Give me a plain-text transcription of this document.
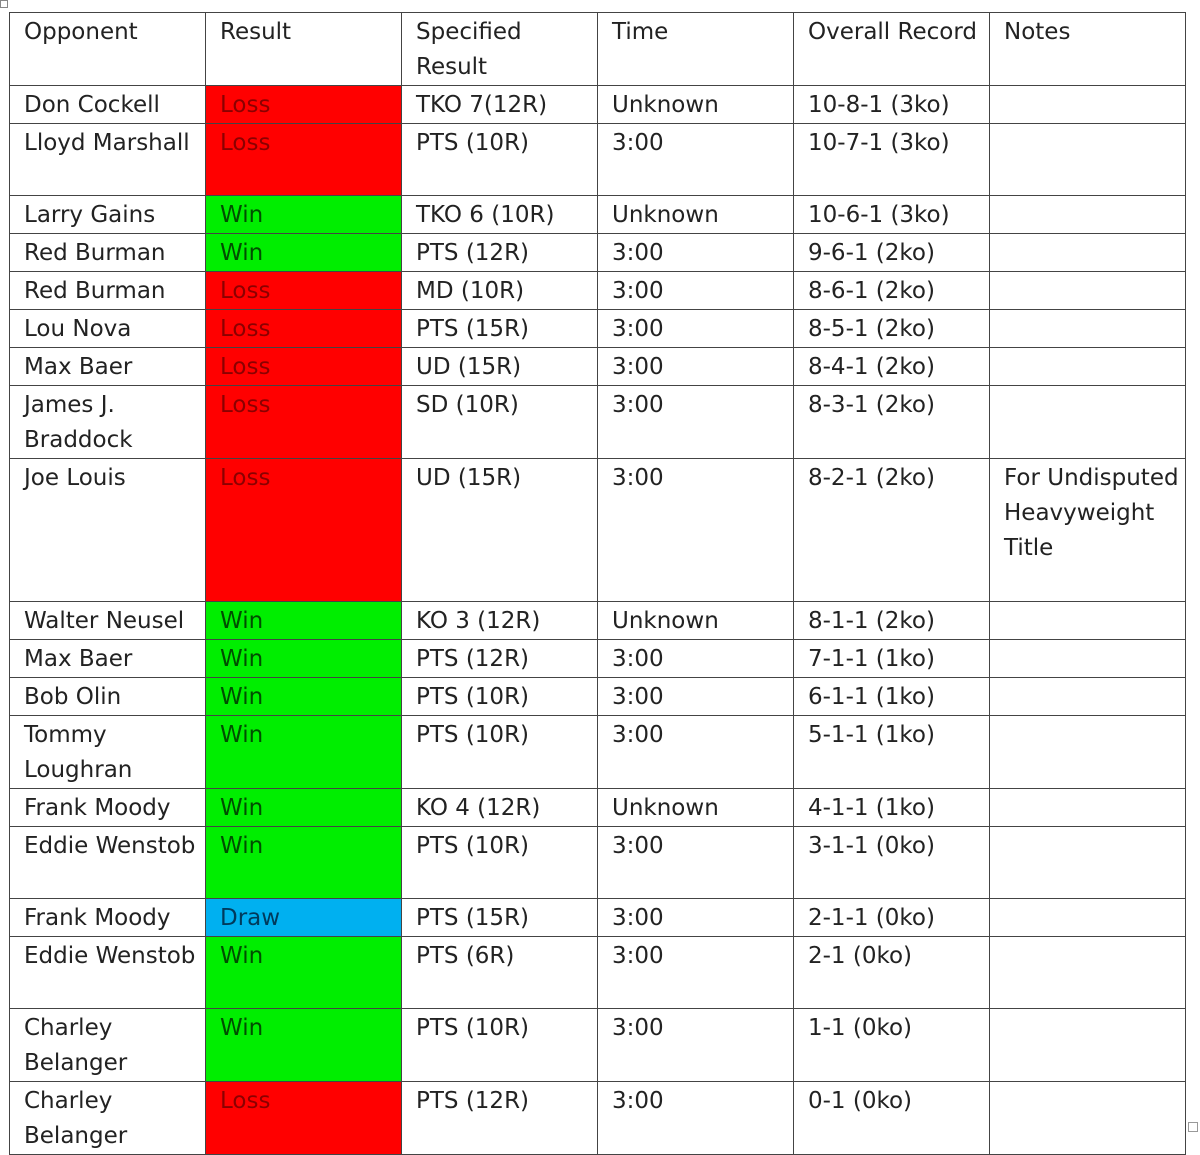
Opponent	Result	Specified Result	Time	Overall Record	Notes
Don Cockell	Loss	TKO 7(12R)	Unknown	10-8-1 (3ko)	
Lloyd Marshall	Loss	PTS (10R)	3:00	10-7-1 (3ko)	
Larry Gains	Win	TKO 6 (10R)	Unknown	10-6-1 (3ko)	
Red Burman	Win	PTS (12R)	3:00	9-6-1 (2ko)	
Red Burman	Loss	MD (10R)	3:00	8-6-1 (2ko)	
Lou Nova	Loss	PTS (15R)	3:00	8-5-1 (2ko)	
Max Baer	Loss	UD (15R)	3:00	8-4-1 (2ko)	
James J. Braddock	Loss	SD (10R)	3:00	8-3-1 (2ko)	
Joe Louis	Loss	UD (15R)	3:00	8-2-1 (2ko)	For Undisputed Heavyweight Title
Walter Neusel	Win	KO 3 (12R)	Unknown	8-1-1 (2ko)	
Max Baer	Win	PTS (12R)	3:00	7-1-1 (1ko)	
Bob Olin	Win	PTS (10R)	3:00	6-1-1 (1ko)	
Tommy Loughran	Win	PTS (10R)	3:00	5-1-1 (1ko)	
Frank Moody	Win	KO 4 (12R)	Unknown	4-1-1 (1ko)	
Eddie Wenstob	Win	PTS (10R)	3:00	3-1-1 (0ko)	
Frank Moody	Draw	PTS (15R)	3:00	2-1-1 (0ko)	
Eddie Wenstob	Win	PTS (6R)	3:00	2-1 (0ko)	
Charley Belanger	Win	PTS (10R)	3:00	1-1 (0ko)	
Charley Belanger	Loss	PTS (12R)	3:00	0-1 (0ko)	
